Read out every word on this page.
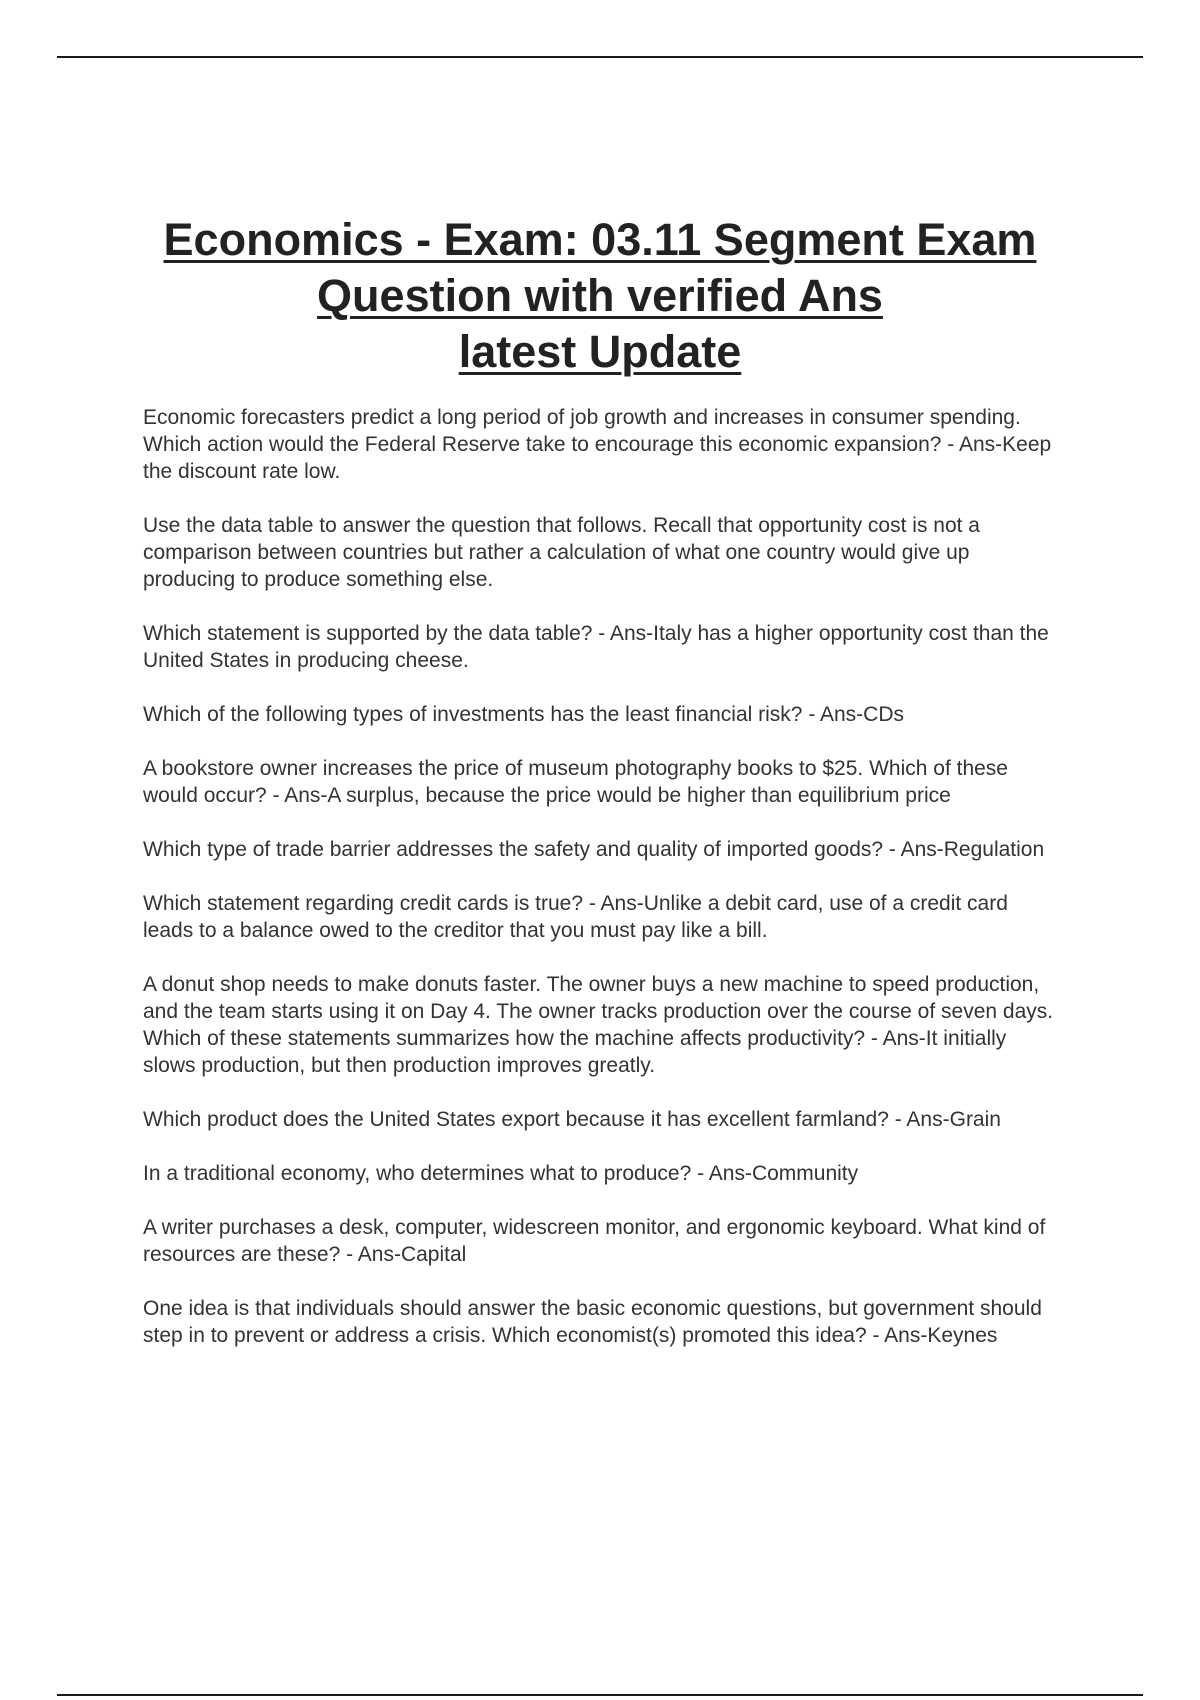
Economics - Exam: 03.11 Segment Exam
Question with verified Ans
latest Update

Economic forecasters predict a long period of job growth and increases in consumer spending. Which action would the Federal Reserve take to encourage this economic expansion? - Ans-Keep the discount rate low.

Use the data table to answer the question that follows. Recall that opportunity cost is not a comparison between countries but rather a calculation of what one country would give up producing to produce something else.

Which statement is supported by the data table? - Ans-Italy has a higher opportunity cost than the United States in producing cheese.

Which of the following types of investments has the least financial risk? - Ans-CDs

A bookstore owner increases the price of museum photography books to $25. Which of these would occur? - Ans-A surplus, because the price would be higher than equilibrium price

Which type of trade barrier addresses the safety and quality of imported goods? - Ans-Regulation

Which statement regarding credit cards is true? - Ans-Unlike a debit card, use of a credit card leads to a balance owed to the creditor that you must pay like a bill.

A donut shop needs to make donuts faster. The owner buys a new machine to speed production, and the team starts using it on Day 4. The owner tracks production over the course of seven days. Which of these statements summarizes how the machine affects productivity? - Ans-It initially slows production, but then production improves greatly.

Which product does the United States export because it has excellent farmland? - Ans-Grain

In a traditional economy, who determines what to produce? - Ans-Community

A writer purchases a desk, computer, widescreen monitor, and ergonomic keyboard. What kind of resources are these? - Ans-Capital

One idea is that individuals should answer the basic economic questions, but government should step in to prevent or address a crisis. Which economist(s) promoted this idea? - Ans-Keynes
